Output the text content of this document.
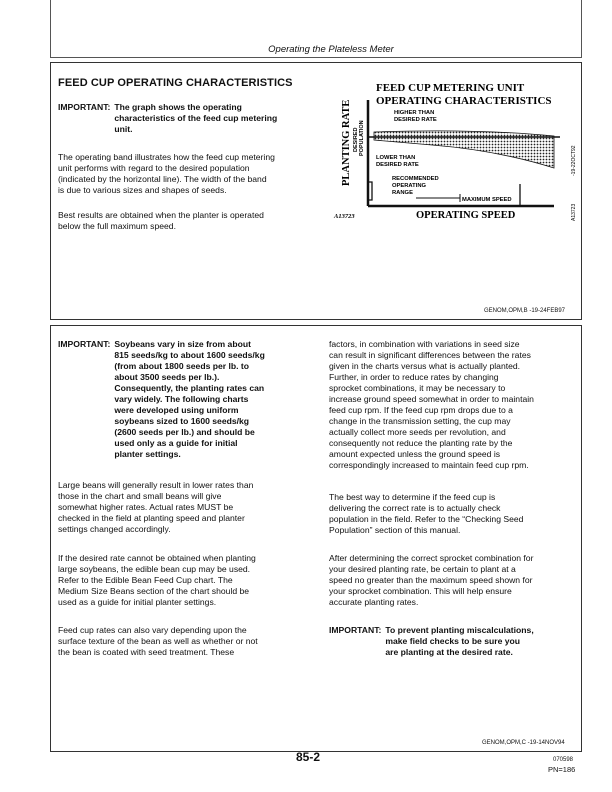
Operating the Plateless Meter
FEED CUP OPERATING CHARACTERISTICS
IMPORTANT: The graph shows the operating
characteristics of the feed cup metering
unit.
The operating band illustrates how the feed cup metering
unit performs with regard to the desired population
(indicated by the horizontal line). The width of the band
is due to various sizes and shapes of seeds.
Best results are obtained when the planter is operated
below the full maximum speed.
FEED CUP METERING UNIT
OPERATING CHARACTERISTICS
PLANTING RATE DESIRED POPULATION
HIGHER THAN
DESIRED RATE
LOWER THAN
DESIRED RATE
RECOMMENDED
OPERATING
RANGE
MAXIMUM SPEED
A13723	OPERATING SPEED
-19-22OCT92
A13723
GENOM,OPM,B -19-24FEB97
IMPORTANT: Soybeans vary in size from about
815 seeds/kg to about 1600 seeds/kg
(from about 1800 seeds per lb. to
about 3500 seeds per lb.).
Consequently, the planting rates can
vary widely. The following charts
were developed using uniform
soybeans sized to 1600 seeds/kg
(2600 seeds per lb.) and should be
used only as a guide for initial
planter settings.
Large beans will generally result in lower rates than
those in the chart and small beans will give
somewhat higher rates. Actual rates MUST be
checked in the field at planting speed and planter
settings changed accordingly.
If the desired rate cannot be obtained when planting
large soybeans, the edible bean cup may be used.
Refer to the Edible Bean Feed Cup chart. The
Medium Size Beans section of the chart should be
used as a guide for initial planter settings.
Feed cup rates can also vary depending upon the
surface texture of the bean as well as whether or not
the bean is coated with seed treatment. These
factors, in combination with variations in seed size
can result in significant differences between the rates
given in the charts versus what is actually planted.
Further, in order to reduce rates by changing
sprocket combinations, it may be necessary to
increase ground speed somewhat in order to maintain
feed cup rpm. If the feed cup rpm drops due to a
change in the transmission setting, the cup may
actually collect more seeds per revolution, and
consequently not reduce the planting rate by the
amount expected unless the ground speed is
correspondingly increased to maintain feed cup rpm.
The best way to determine if the feed cup is
delivering the correct rate is to actually check
population in the field. Refer to the “Checking Seed
Population” section of this manual.
After determining the correct sprocket combination for
your desired planting rate, be certain to plant at a
speed no greater than the maximum speed shown for
your sprocket combination. This will help ensure
accurate planting rates.
IMPORTANT: To prevent planting miscalculations,
make field checks to be sure you
are planting at the desired rate.
GENOM,OPM,C -19-14NOV94
85-2	070598
PN=186
